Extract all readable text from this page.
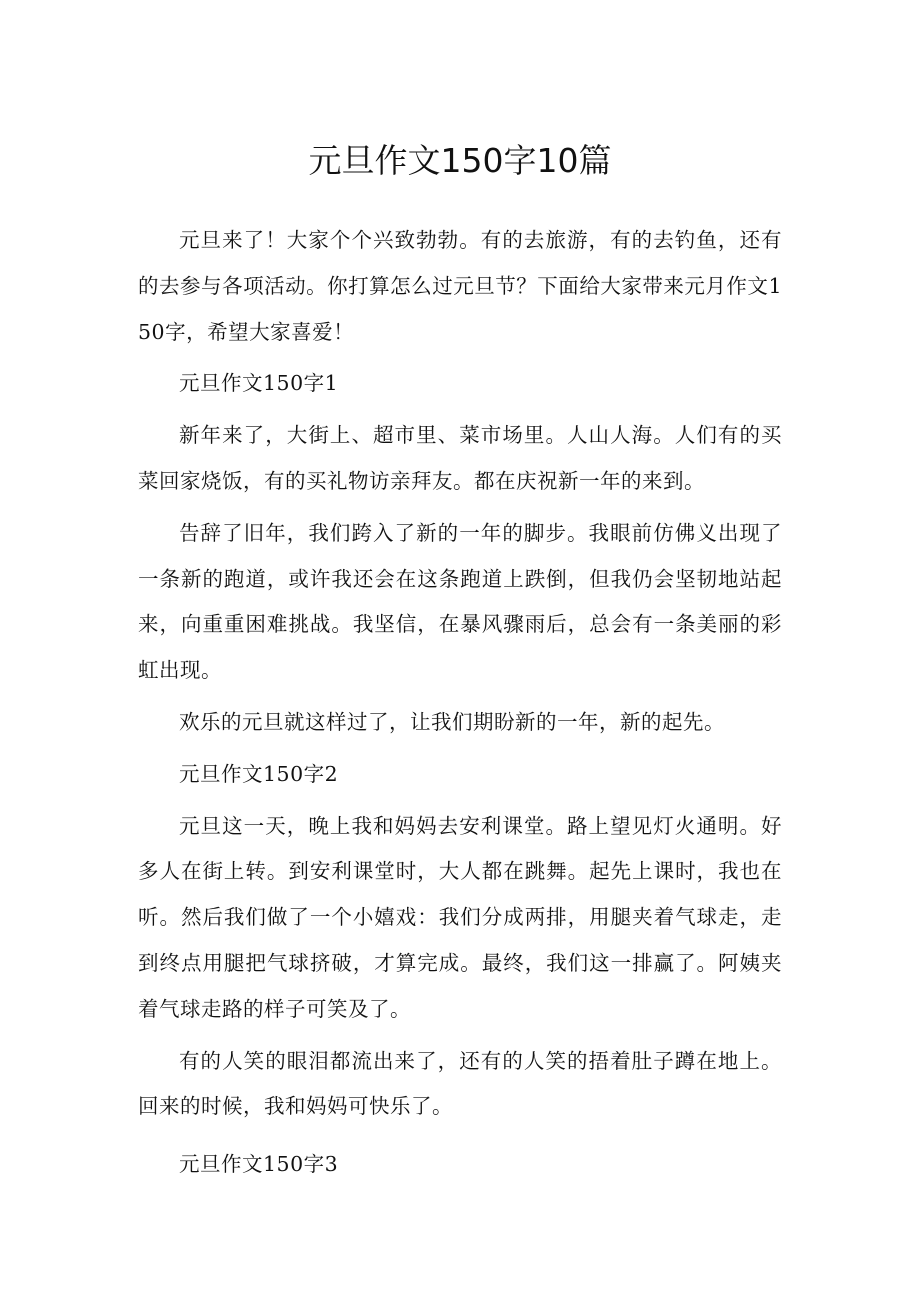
元旦作文150字10篇

元旦来了！大家个个兴致勃勃。有的去旅游，有的去钓鱼，还有的去参与各项活动。你打算怎么过元旦节？下面给大家带来元月作文150字，希望大家喜爱！

元旦作文150字1

新年来了，大街上、超市里、菜市场里。人山人海。人们有的买菜回家烧饭，有的买礼物访亲拜友。都在庆祝新一年的来到。

告辞了旧年，我们跨入了新的一年的脚步。我眼前仿佛义出现了一条新的跑道，或许我还会在这条跑道上跌倒，但我仍会坚韧地站起来，向重重困难挑战。我坚信，在暴风骤雨后，总会有一条美丽的彩虹出现。

欢乐的元旦就这样过了，让我们期盼新的一年，新的起先。

元旦作文150字2

元旦这一天，晚上我和妈妈去安利课堂。路上望见灯火通明。好多人在街上转。到安利课堂时，大人都在跳舞。起先上课时，我也在听。然后我们做了一个小嬉戏：我们分成两排，用腿夹着气球走，走到终点用腿把气球挤破，才算完成。最终，我们这一排赢了。阿姨夹着气球走路的样子可笑及了。

有的人笑的眼泪都流出来了，还有的人笑的捂着肚子蹲在地上。回来的时候，我和妈妈可快乐了。

元旦作文150字3
